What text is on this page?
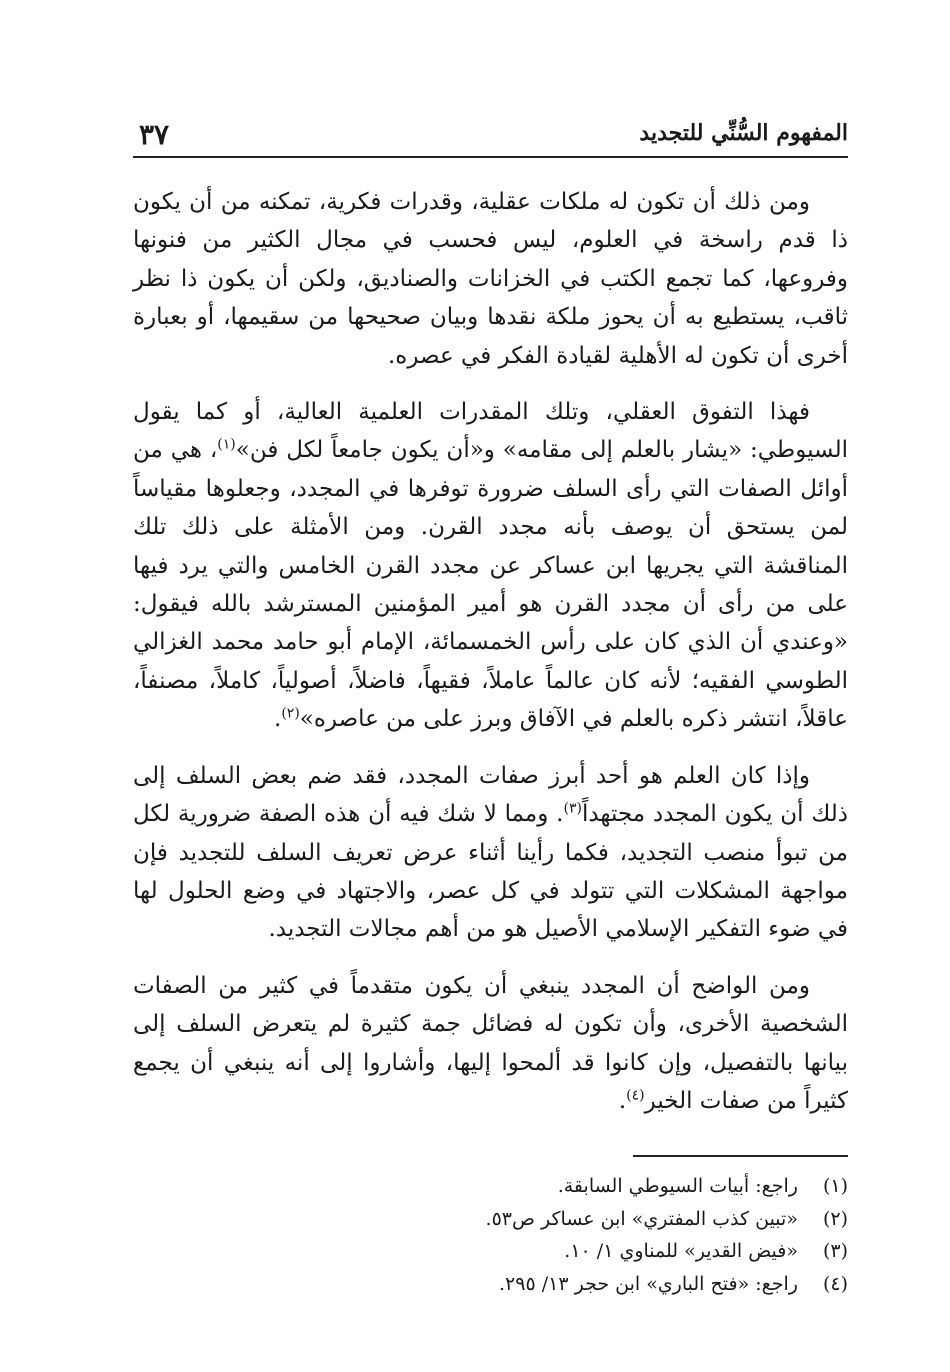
المفهوم السُّنِّي للتجديد
٣٧

ومن ذلك أن تكون له ملكات عقلية، وقدرات فكرية، تمكنه من أن يكون ذا قدم راسخة في العلوم، ليس فحسب في مجال الكثير من فنونها وفروعها، كما تجمع الكتب في الخزانات والصناديق، ولكن أن يكون ذا نظر ثاقب، يستطيع به أن يحوز ملكة نقدها وبيان صحيحها من سقيمها، أو بعبارة أخرى أن تكون له الأهلية لقيادة الفكر في عصره.

فهذا التفوق العقلي، وتلك المقدرات العلمية العالية، أو كما يقول السيوطي: «يشار بالعلم إلى مقامه» و«أن يكون جامعاً لكل فن»$^{(١)}$، هي من أوائل الصفات التي رأى السلف ضرورة توفرها في المجدد، وجعلوها مقياساً لمن يستحق أن يوصف بأنه مجدد القرن. ومن الأمثلة على ذلك تلك المناقشة التي يجريها ابن عساكر عن مجدد القرن الخامس والتي يرد فيها على من رأى أن مجدد القرن هو أمير المؤمنين المسترشد بالله فيقول: «وعندي أن الذي كان على رأس الخمسمائة، الإمام أبو حامد محمد الغزالي الطوسي الفقيه؛ لأنه كان عالماً عاملاً، فقيهاً، فاضلاً، أصولياً، كاملاً، مصنفاً، عاقلاً، انتشر ذكره بالعلم في الآفاق وبرز على من عاصره»$^{(٢)}$.

وإذا كان العلم هو أحد أبرز صفات المجدد، فقد ضم بعض السلف إلى ذلك أن يكون المجدد مجتهداً$^{(٣)}$. ومما لا شك فيه أن هذه الصفة ضرورية لكل من تبوأ منصب التجديد، فكما رأينا أثناء عرض تعريف السلف للتجديد فإن مواجهة المشكلات التي تتولد في كل عصر، والاجتهاد في وضع الحلول لها في ضوء التفكير الإسلامي الأصيل هو من أهم مجالات التجديد.

ومن الواضح أن المجدد ينبغي أن يكون متقدماً في كثير من الصفات الشخصية الأخرى، وأن تكون له فضائل جمة كثيرة لم يتعرض السلف إلى بيانها بالتفصيل، وإن كانوا قد ألمحوا إليها، وأشاروا إلى أنه ينبغي أن يجمع كثيراً من صفات الخير$^{(٤)}$.

(١) راجع: أبيات السيوطي السابقة.
(٢) «تبين كذب المفتري» ابن عساكر ص٥٣.
(٣) «فيض القدير» للمناوي ١/ ١٠.
(٤) راجع: «فتح الباري» ابن حجر ١٣/ ٢٩٥.
